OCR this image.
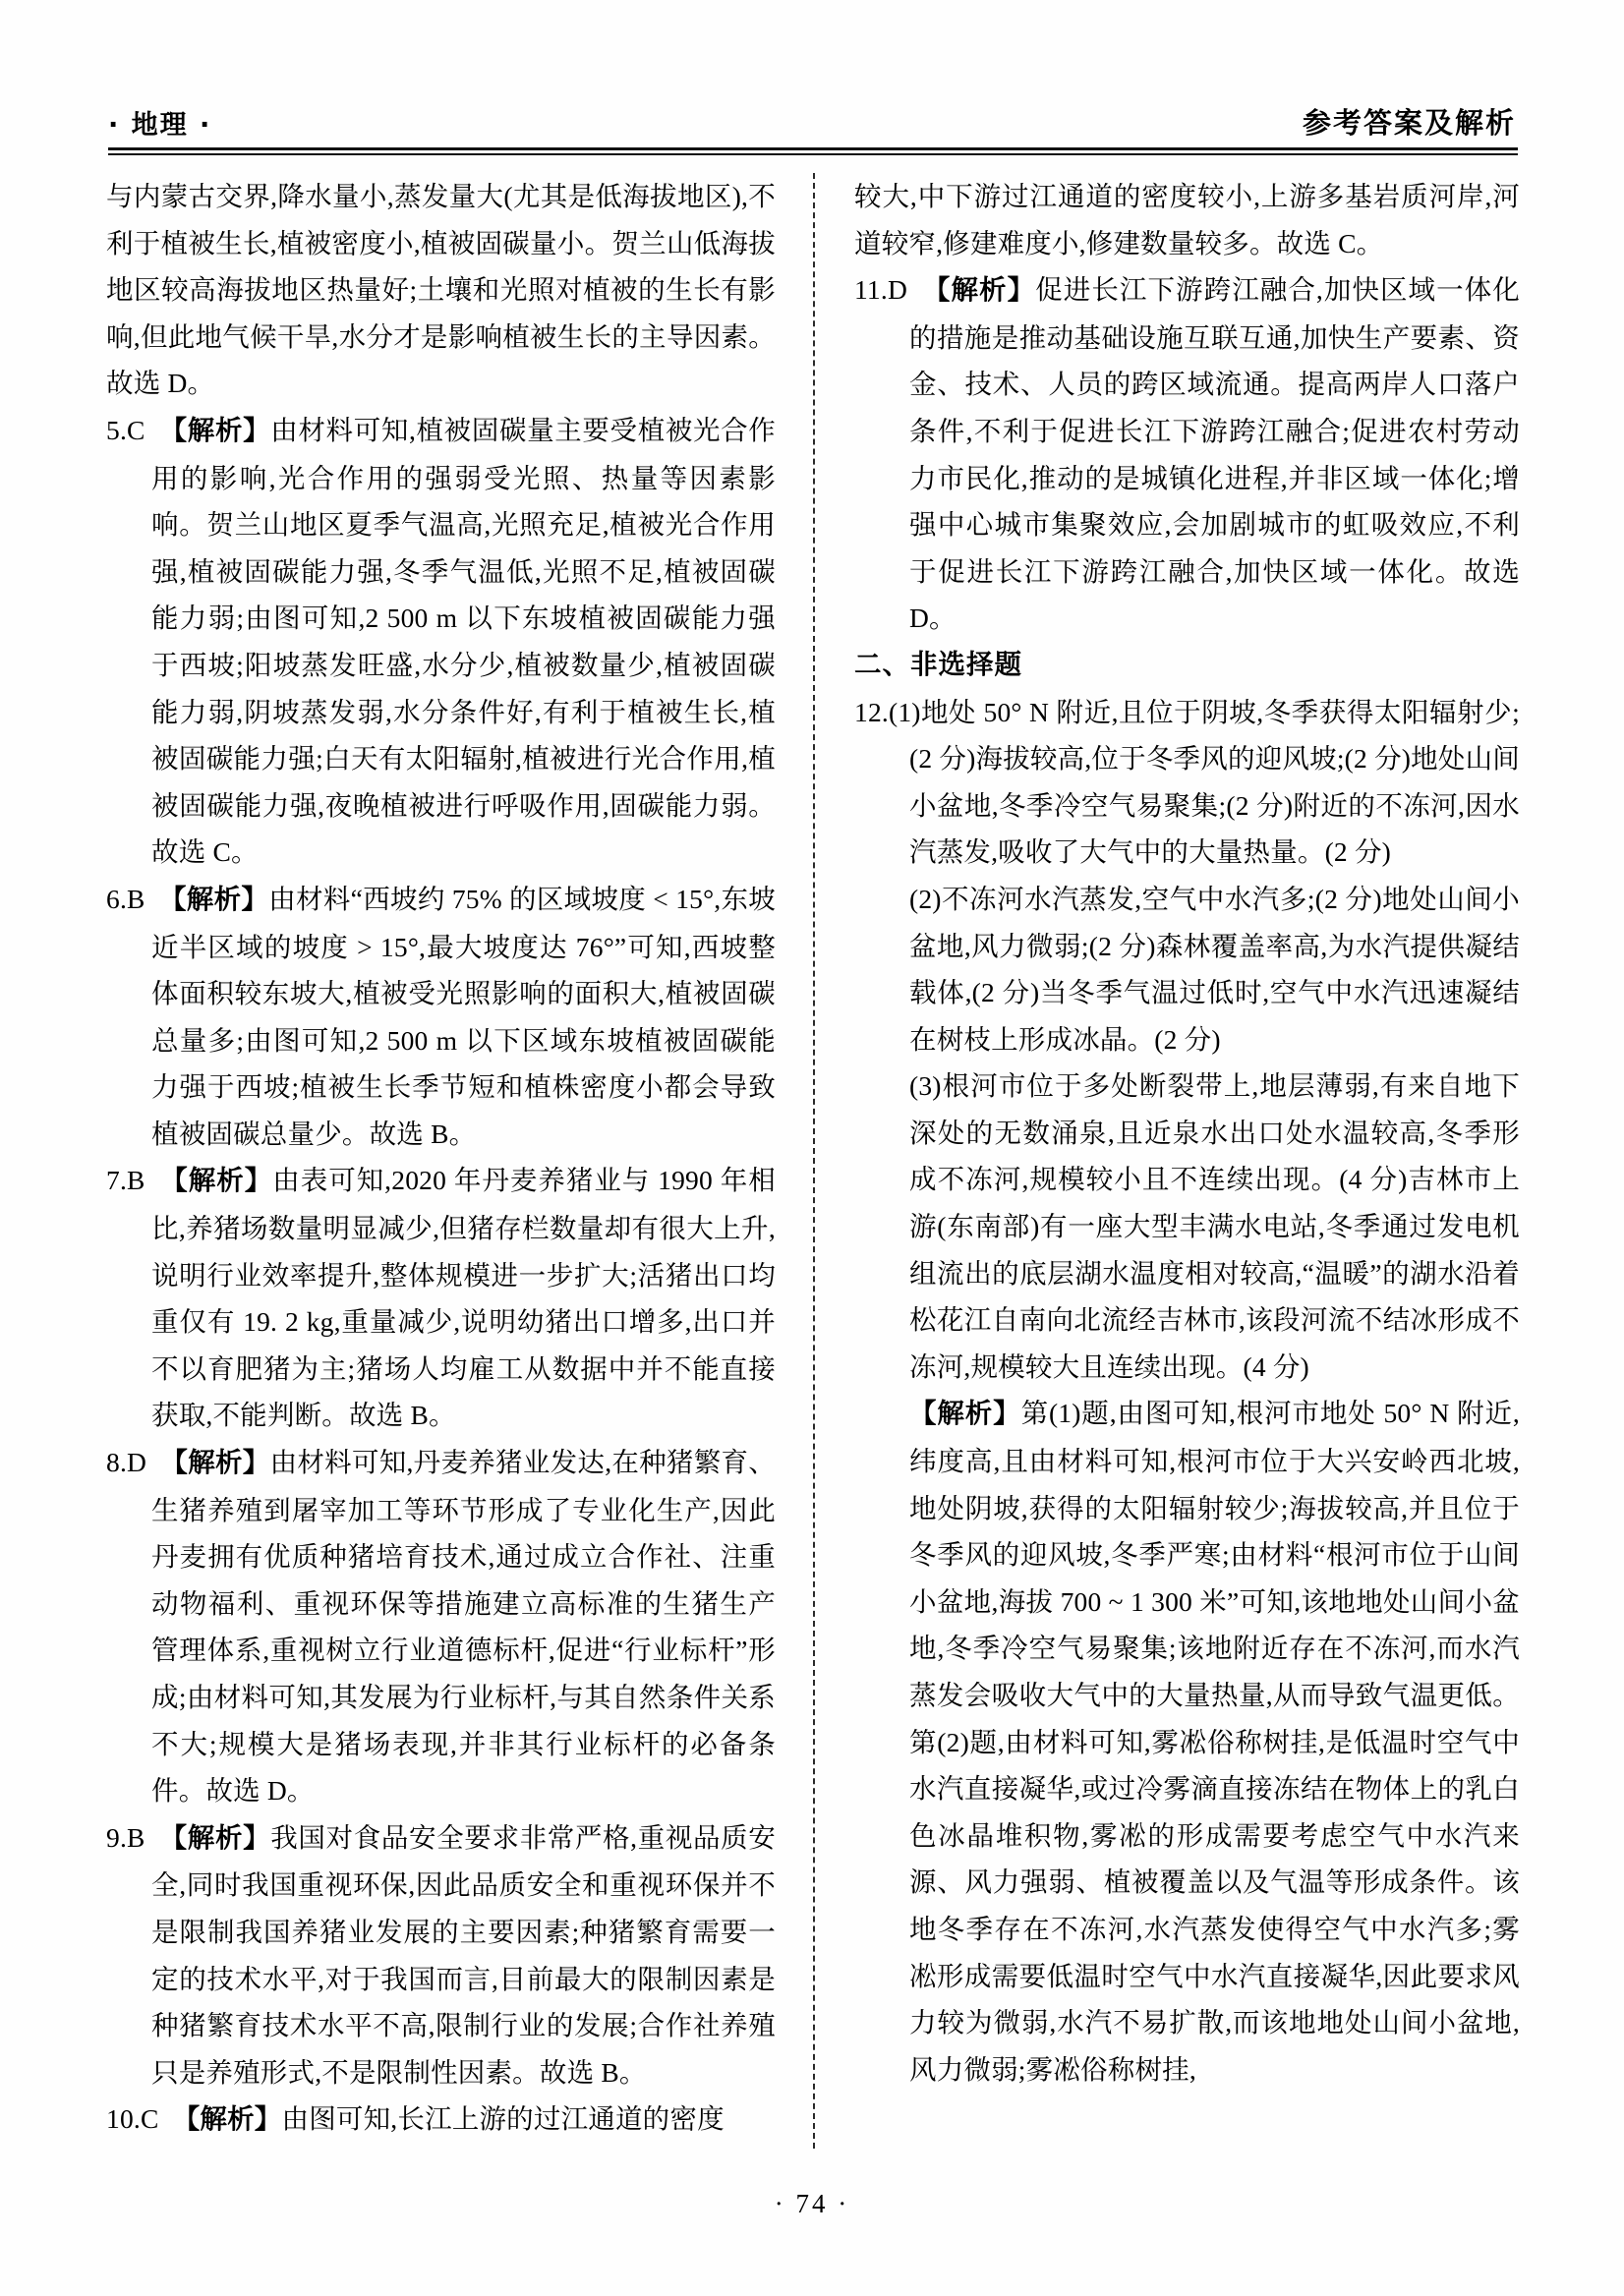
· 地理 ·	参考答案及解析

与内蒙古交界,降水量小,蒸发量大(尤其是低海拔地区),不利于植被生长,植被密度小,植被固碳量小。贺兰山低海拔地区较高海拔地区热量好;土壤和光照对植被的生长有影响,但此地气候干旱,水分才是影响植被生长的主导因素。故选 D。

5.C 【解析】由材料可知,植被固碳量主要受植被光合作用的影响,光合作用的强弱受光照、热量等因素影响。贺兰山地区夏季气温高,光照充足,植被光合作用强,植被固碳能力强,冬季气温低,光照不足,植被固碳能力弱;由图可知,2 500 m 以下东坡植被固碳能力强于西坡;阳坡蒸发旺盛,水分少,植被数量少,植被固碳能力弱,阴坡蒸发弱,水分条件好,有利于植被生长,植被固碳能力强;白天有太阳辐射,植被进行光合作用,植被固碳能力强,夜晚植被进行呼吸作用,固碳能力弱。故选 C。

6.B 【解析】由材料“西坡约 75% 的区域坡度 < 15°,东坡近半区域的坡度 > 15°,最大坡度达 76°”可知,西坡整体面积较东坡大,植被受光照影响的面积大,植被固碳总量多;由图可知,2 500 m 以下区域东坡植被固碳能力强于西坡;植被生长季节短和植株密度小都会导致植被固碳总量少。故选 B。

7.B 【解析】由表可知,2020 年丹麦养猪业与 1990 年相比,养猪场数量明显减少,但猪存栏数量却有很大上升,说明行业效率提升,整体规模进一步扩大;活猪出口均重仅有 19. 2 kg,重量减少,说明幼猪出口增多,出口并不以育肥猪为主;猪场人均雇工从数据中并不能直接获取,不能判断。故选 B。

8.D 【解析】由材料可知,丹麦养猪业发达,在种猪繁育、生猪养殖到屠宰加工等环节形成了专业化生产,因此丹麦拥有优质种猪培育技术,通过成立合作社、注重动物福利、重视环保等措施建立高标准的生猪生产管理体系,重视树立行业道德标杆,促进“行业标杆”形成;由材料可知,其发展为行业标杆,与其自然条件关系不大;规模大是猪场表现,并非其行业标杆的必备条件。故选 D。

9.B 【解析】我国对食品安全要求非常严格,重视品质安全,同时我国重视环保,因此品质安全和重视环保并不是限制我国养猪业发展的主要因素;种猪繁育需要一定的技术水平,对于我国而言,目前最大的限制因素是种猪繁育技术水平不高,限制行业的发展;合作社养殖只是养殖形式,不是限制性因素。故选 B。

10.C 【解析】由图可知,长江上游的过江通道的密度

较大,中下游过江通道的密度较小,上游多基岩质河岸,河道较窄,修建难度小,修建数量较多。故选 C。

11.D 【解析】促进长江下游跨江融合,加快区域一体化的措施是推动基础设施互联互通,加快生产要素、资金、技术、人员的跨区域流通。提高两岸人口落户条件,不利于促进长江下游跨江融合;促进农村劳动力市民化,推动的是城镇化进程,并非区域一体化;增强中心城市集聚效应,会加剧城市的虹吸效应,不利于促进长江下游跨江融合,加快区域一体化。故选 D。

二、非选择题

12.(1)地处 50° N 附近,且位于阴坡,冬季获得太阳辐射少;(2 分)海拔较高,位于冬季风的迎风坡;(2 分)地处山间小盆地,冬季冷空气易聚集;(2 分)附近的不冻河,因水汽蒸发,吸收了大气中的大量热量。(2 分)

(2)不冻河水汽蒸发,空气中水汽多;(2 分)地处山间小盆地,风力微弱;(2 分)森林覆盖率高,为水汽提供凝结载体,(2 分)当冬季气温过低时,空气中水汽迅速凝结在树枝上形成冰晶。(2 分)

(3)根河市位于多处断裂带上,地层薄弱,有来自地下深处的无数涌泉,且近泉水出口处水温较高,冬季形成不冻河,规模较小且不连续出现。(4 分)吉林市上游(东南部)有一座大型丰满水电站,冬季通过发电机组流出的底层湖水温度相对较高,“温暖”的湖水沿着松花江自南向北流经吉林市,该段河流不结冰形成不冻河,规模较大且连续出现。(4 分)

【解析】第(1)题,由图可知,根河市地处 50° N 附近,纬度高,且由材料可知,根河市位于大兴安岭西北坡,地处阴坡,获得的太阳辐射较少;海拔较高,并且位于冬季风的迎风坡,冬季严寒;由材料“根河市位于山间小盆地,海拔 700 ~ 1 300 米”可知,该地地处山间小盆地,冬季冷空气易聚集;该地附近存在不冻河,而水汽蒸发会吸收大气中的大量热量,从而导致气温更低。第(2)题,由材料可知,雾凇俗称树挂,是低温时空气中水汽直接凝华,或过冷雾滴直接冻结在物体上的乳白色冰晶堆积物,雾凇的形成需要考虑空气中水汽来源、风力强弱、植被覆盖以及气温等形成条件。该地冬季存在不冻河,水汽蒸发使得空气中水汽多;雾凇形成需要低温时空气中水汽直接凝华,因此要求风力较为微弱,水汽不易扩散,而该地地处山间小盆地,风力微弱;雾凇俗称树挂,

· 74 ·
